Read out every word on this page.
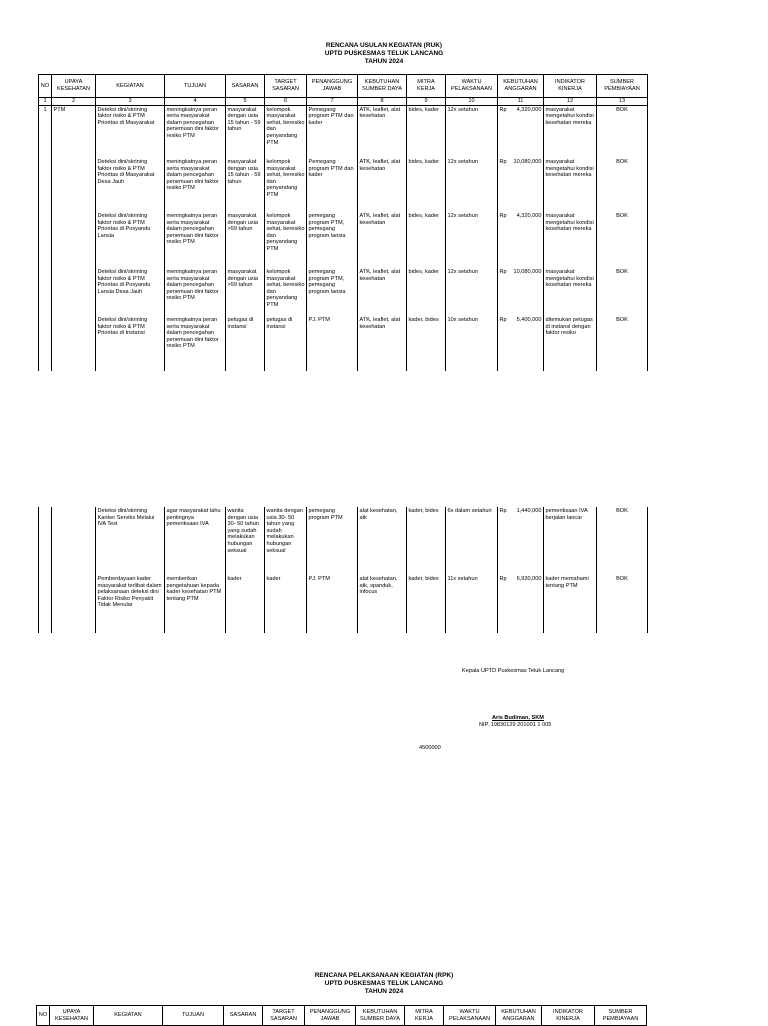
RENCANA USULAN KEGIATAN (RUK)
UPTD PUSKESMAS TELUK LANCANG
TAHUN 2024
NO	UPAYA KESEHATAN	KEGIATAN	TUJUAN	SASARAN	TARGET SASARAN	PENANGGUNG JAWAB	KEBUTUHAN SUMBER DAYA	MITRA KERJA	WAKTU PELAKSANAAN	KEBUTUHAN ANGGARAN	INDIKATOR KINERJA	SUMBER PEMBIAYAAN
1	2	3	4	5	6	7	8	9	10	11	12	13
1	PTM	Deteksi dini/skrining faktor risiko & PTM Prioritas di Masyarakat	meningkatnya peran serta masyarakat dalam pencegahan penemuan dini faktor resiko PTM	masyarakat dengan usia 15 tahun - 59 tahun	kelompok masyarakat sehat, beresiko dan penyandang PTM	Pemegang program PTM dan kader	ATK, leaflet, alat kesehatan	bides, kader	12x setahun	Rp 4,320,000	masyarakat mengetahui kondisi kesehatan mereka	BOK
		Deteksi dini/skrining faktor risiko & PTM Prioritas di Masyarakat Desa Jauh	meningkatnya peran serta masyarakat dalam pencegahan penemuan dini faktor resiko PTM	masyarakat dengan usia 15 tahun - 59 tahun	kelompok masyarakat sehat, beresiko dan penyandang PTM	Pemegang program PTM dan kader	ATK, leaflet, alat kesehatan	bides, kader	12x setahun	Rp 10,080,000	masyarakat mengetahui kondisi kesehatan mereka	BOK
		Deteksi dini/skrining faktor risiko & PTM Prioritas di Posyandu Lansia	meningkatnya peran serta masyarakat dalam pencegahan penemuan dini faktor resiko PTM	masyarakat dengan usia >59 tahun	kelompok masyarakat sehat, beresiko dan penyandang PTM	pemegang program PTM, pemegang program lansia	ATK, leaflet, alat kesehatan	bides, kader	12x setahun	Rp 4,320,000	masyarakat mengetahui kondisi kesehatan mereka	BOK
		Deteksi dini/skrining faktor risiko & PTM Prioritas di Posyandu Lansia Desa Jauh	meningkatnya peran serta masyarakat dalam pencegahan penemuan dini faktor resiko PTM	masyarakat dengan usia >59 tahun	kelompok masyarakat sehat, beresiko dan penyandang PTM	pemegang program PTM, pemegang program lansia	ATK, leaflet, alat kesehatan	bides, kader	12x setahun	Rp 10,080,000	masyarakat mengetahui kondisi kesehatan mereka	BOK
		Deteksi dini/skrining faktor risiko & PTM Prioritas di Instansi	meningkatnya peran serta masyarakat dalam pencegahan penemuan dini faktor resiko PTM	petugas di instansi	petugas di instansi	PJ. PTM	ATK, leaflet, alat kesehatan	kader, bides	10x setahun	Rp 5,400,000	ditemukan petugas di instansi dengan faktor resiko	BOK
		Deteksi dini/skrining Kanker Serviks Melalui IVA Test	agar masyarakat tahu pentingnya pemeriksaan IVA	wanita dengan usia 30- 50 tahun yang sudah melakukan hubungan seksual	wanita dengan usia 30- 50 tahun yang sudah melakukan hubungan seksual	pemegang program PTM	alat kesehatan, atk	kader, bides	6x dalam setahun	Rp 1,440,000	pemeriksaan IVA berjalan lancar	BOK
		Pemberdayaan kader masyarakat terlibat dalam pelaksanaan deteksi dini Faktor Risiko Penyakit Tidak Menular	memberikan pengetahuan kepada kader kesehatan PTM tentang PTM	kader	kader	PJ. PTM	alat kesehatan, atk, spanduk, infocus	kader, bides	11x setahun	Rp 6,930,000	kader memahami tentang PTM	BOK
Kepala UPTD Puskesmas Teluk Lancang
Aris Budiman, SKM
NIP. 19830129 201001 1 005
4500000
RENCANA PELAKSANAAN KEGIATAN (RPK)
UPTD PUSKESMAS TELUK LANCANG
TAHUN 2024
NO	UPAYA KESEHATAN	KEGIATAN	TUJUAN	SASARAN	TARGET SASARAN	PENANGGUNG JAWAB	KEBUTUHAN SUMBER DAYA	MITRA KERJA	WAKTU PELAKSANAAN	KEBUTUHAN ANGGARAN	INDIKATOR KINERJA	SUMBER PEMBIAYAAN
